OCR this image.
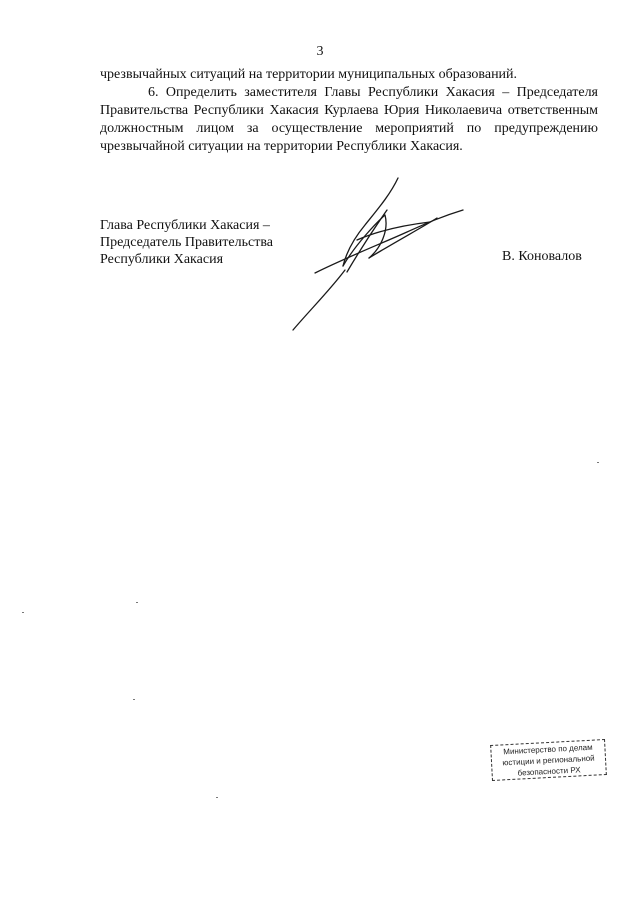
3

чрезвычайных ситуаций на территории муниципальных образований.

6. Определить заместителя Главы Республики Хакасия – Председателя Правительства Республики Хакасия Курлаева Юрия Николаевича ответственным должностным лицом за осуществление мероприятий по предупреждению чрезвычайной ситуации на территории Республики Хакасия.

Глава Республики Хакасия –
Председатель Правительства
Республики Хакасия	В. Коновалов
Министерство по делам
юстиции и региональной
безопасности РХ
